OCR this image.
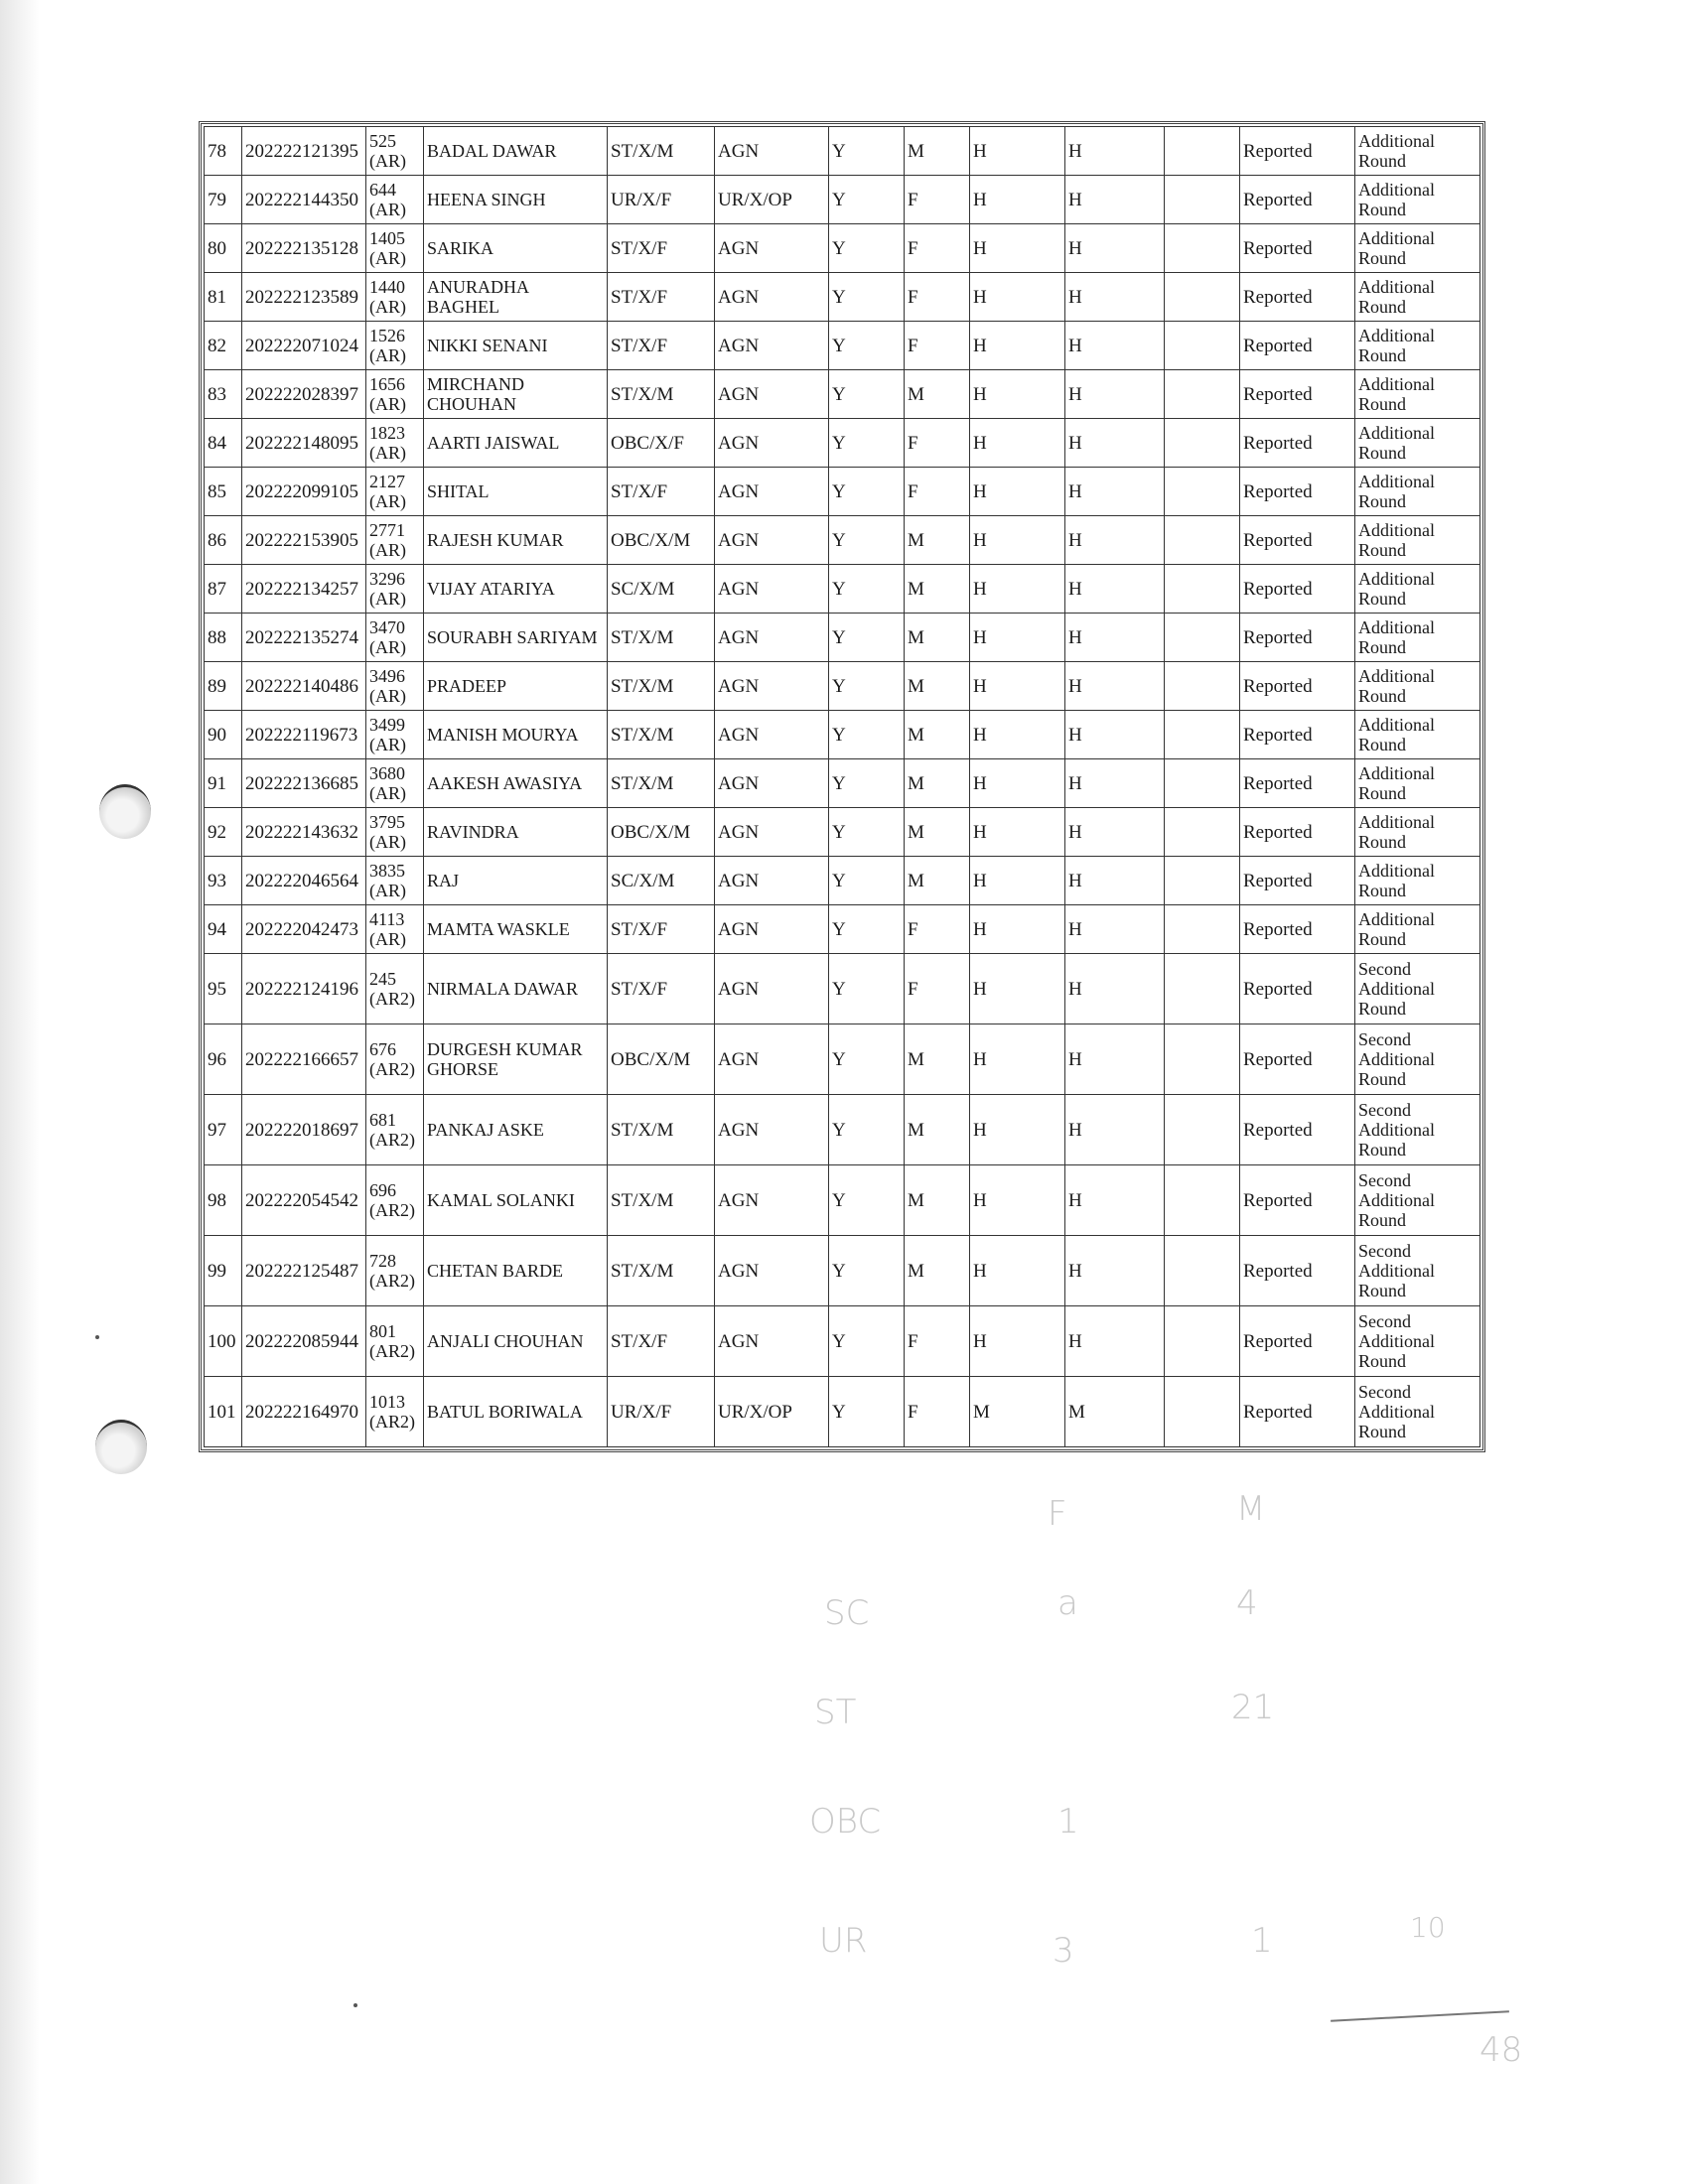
78	202222121395	525 (AR)	BADAL DAWAR	ST/X/M	AGN	Y	M	H	H		Reported	Additional Round
79	202222144350	644 (AR)	HEENA SINGH	UR/X/F	UR/X/OP	Y	F	H	H		Reported	Additional Round
80	202222135128	1405 (AR)	SARIKA	ST/X/F	AGN	Y	F	H	H		Reported	Additional Round
81	202222123589	1440 (AR)	ANURADHA BAGHEL	ST/X/F	AGN	Y	F	H	H		Reported	Additional Round
82	202222071024	1526 (AR)	NIKKI SENANI	ST/X/F	AGN	Y	F	H	H		Reported	Additional Round
83	202222028397	1656 (AR)	MIRCHAND CHOUHAN	ST/X/M	AGN	Y	M	H	H		Reported	Additional Round
84	202222148095	1823 (AR)	AARTI JAISWAL	OBC/X/F	AGN	Y	F	H	H		Reported	Additional Round
85	202222099105	2127 (AR)	SHITAL	ST/X/F	AGN	Y	F	H	H		Reported	Additional Round
86	202222153905	2771 (AR)	RAJESH KUMAR	OBC/X/M	AGN	Y	M	H	H		Reported	Additional Round
87	202222134257	3296 (AR)	VIJAY ATARIYA	SC/X/M	AGN	Y	M	H	H		Reported	Additional Round
88	202222135274	3470 (AR)	SOURABH SARIYAM	ST/X/M	AGN	Y	M	H	H		Reported	Additional Round
89	202222140486	3496 (AR)	PRADEEP	ST/X/M	AGN	Y	M	H	H		Reported	Additional Round
90	202222119673	3499 (AR)	MANISH MOURYA	ST/X/M	AGN	Y	M	H	H		Reported	Additional Round
91	202222136685	3680 (AR)	AAKESH AWASIYA	ST/X/M	AGN	Y	M	H	H		Reported	Additional Round
92	202222143632	3795 (AR)	RAVINDRA	OBC/X/M	AGN	Y	M	H	H		Reported	Additional Round
93	202222046564	3835 (AR)	RAJ	SC/X/M	AGN	Y	M	H	H		Reported	Additional Round
94	202222042473	4113 (AR)	MAMTA WASKLE	ST/X/F	AGN	Y	F	H	H		Reported	Additional Round
95	202222124196	245 (AR2)	NIRMALA DAWAR	ST/X/F	AGN	Y	F	H	H		Reported	Second Additional Round
96	202222166657	676 (AR2)	DURGESH KUMAR GHORSE	OBC/X/M	AGN	Y	M	H	H		Reported	Second Additional Round
97	202222018697	681 (AR2)	PANKAJ ASKE	ST/X/M	AGN	Y	M	H	H		Reported	Second Additional Round
98	202222054542	696 (AR2)	KAMAL SOLANKI	ST/X/M	AGN	Y	M	H	H		Reported	Second Additional Round
99	202222125487	728 (AR2)	CHETAN BARDE	ST/X/M	AGN	Y	M	H	H		Reported	Second Additional Round
100	202222085944	801 (AR2)	ANJALI CHOUHAN	ST/X/F	AGN	Y	F	H	H		Reported	Second Additional Round
101	202222164970	1013 (AR2)	BATUL BORIWALA	UR/X/F	UR/X/OP	Y	F	M	M		Reported	Second Additional Round
F	M
SC	a	4
ST	21
OBC	1
UR	3	1	10
48
